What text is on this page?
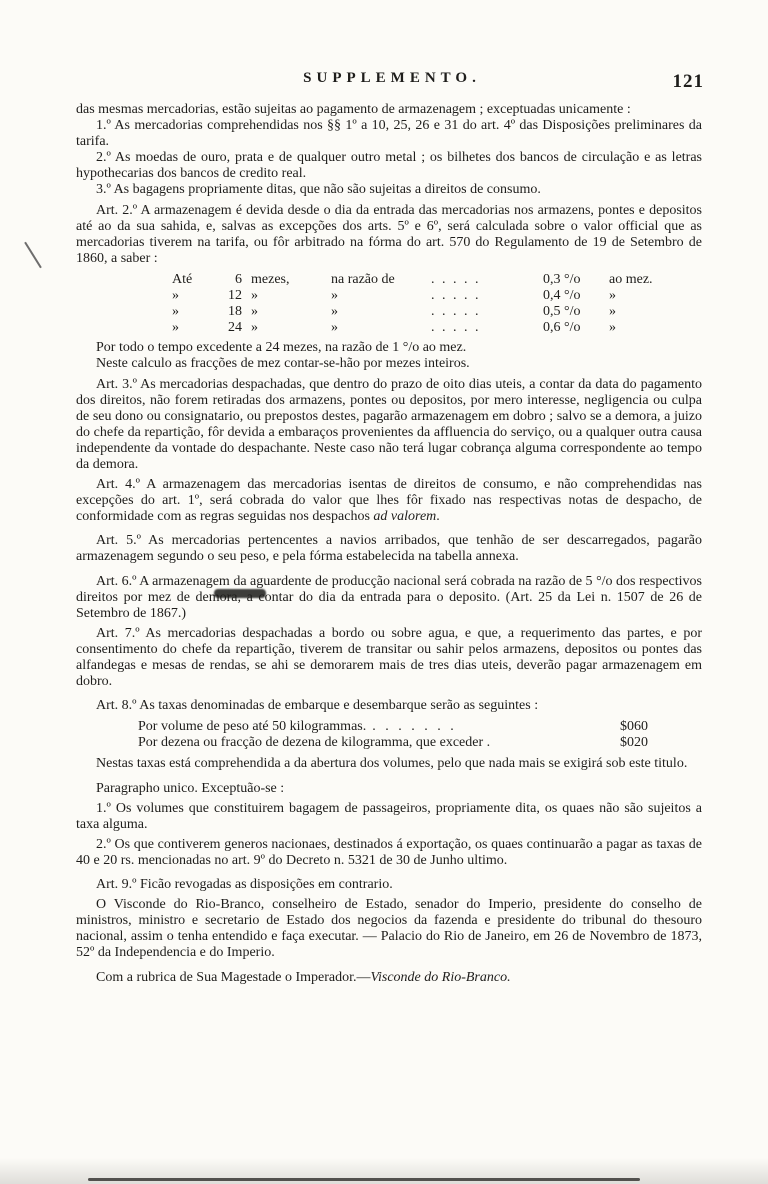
SUPPLEMENTO.	121

das mesmas mercadorias, estão sujeitas ao pagamento de armazenagem ; exceptuadas unicamente :

1.º As mercadorias comprehendidas nos §§ 1º a 10, 25, 26 e 31 do art. 4º das Disposições preliminares da tarifa.

2.º As moedas de ouro, prata e de qualquer outro metal ; os bilhetes dos bancos de circulação e as letras hypothecarias dos bancos de credito real.

3.º As bagagens propriamente ditas, que não são sujeitas a direitos de consumo.

Art. 2.º A armazenagem é devida desde o dia da entrada das mercadorias nos armazens, pontes e depositos até ao da sua sahida, e, salvas as excepções dos arts. 5º e 6º, será calculada sobre o valor official que as mercadorias tiverem na tarifa, ou fôr arbitrado na fórma do art. 570 do Regulamento de 19 de Setembro de 1860, a saber :

Até	6 mezes,	na razão de	. . . . .	0,3 °/o	ao mez.
»	12 »	»	. . . . .	0,4 °/o	»
»	18 »	»	. . . . .	0,5 °/o	»
»	24 »	»	. . . . .	0,6 °/o	»

Por todo o tempo excedente a 24 mezes, na razão de 1 °/o ao mez.

Neste calculo as fracções de mez contar-se-hão por mezes inteiros.

Art. 3.º As mercadorias despachadas, que dentro do prazo de oito dias uteis, a contar da data do pagamento dos direitos, não forem retiradas dos armazens, pontes ou depositos, por mero interesse, negligencia ou culpa de seu dono ou consignatario, ou prepostos destes, pagarão armazenagem em dobro ; salvo se a demora, a juizo do chefe da repartição, fôr devida a embaraços provenientes da affluencia do serviço, ou a qualquer outra causa independente da vontade do despachante. Neste caso não terá lugar cobrança alguma correspondente ao tempo da demora.

Art. 4.º A armazenagem das mercadorias isentas de direitos de consumo, e não comprehendidas nas excepções do art. 1º, será cobrada do valor que lhes fôr fixado nas respectivas notas de despacho, de conformidade com as regras seguidas nos despachos ad valorem.

Art. 5.º As mercadorias pertencentes a navios arribados, que tenhão de ser descarregados, pagarão armazenagem segundo o seu peso, e pela fórma estabelecida na tabella annexa.

Art. 6.º A armazenagem da aguardente de producção nacional será cobrada na razão de 5 °/o dos respectivos direitos por mez de demora, a contar do dia da entrada para o deposito. (Art. 25 da Lei n. 1507 de 26 de Setembro de 1867.)

Art. 7.º As mercadorias despachadas a bordo ou sobre agua, e que, a requerimento das partes, e por consentimento do chefe da repartição, tiverem de transitar ou sahir pelos armazens, depositos ou pontes das alfandegas e mesas de rendas, se ahi se demorarem mais de tres dias uteis, deverão pagar armazenagem em dobro.

Art. 8.º As taxas denominadas de embarque e desembarque serão as seguintes :

Por volume de peso até 50 kilogrammas. . . . . . . .	$060
Por dezena ou fracção de dezena de kilogramma, que exceder .	$020

Nestas taxas está comprehendida a da abertura dos volumes, pelo que nada mais se exigirá sob este titulo.

Paragrapho unico. Exceptuão-se :

1.º Os volumes que constituirem bagagem de passageiros, propriamente dita, os quaes não são sujeitos a taxa alguma.

2.º Os que contiverem generos nacionaes, destinados á exportação, os quaes continuarão a pagar as taxas de 40 e 20 rs. mencionadas no art. 9º do Decreto n. 5321 de 30 de Junho ultimo.

Art. 9.º Ficão revogadas as disposições em contrario.

O Visconde do Rio-Branco, conselheiro de Estado, senador do Imperio, presidente do conselho de ministros, ministro e secretario de Estado dos negocios da fazenda e presidente do tribunal do thesouro nacional, assim o tenha entendido e faça executar. — Palacio do Rio de Janeiro, em 26 de Novembro de 1873, 52º da Independencia e do Imperio.

Com a rubrica de Sua Magestade o Imperador.—Visconde do Rio-Branco.
